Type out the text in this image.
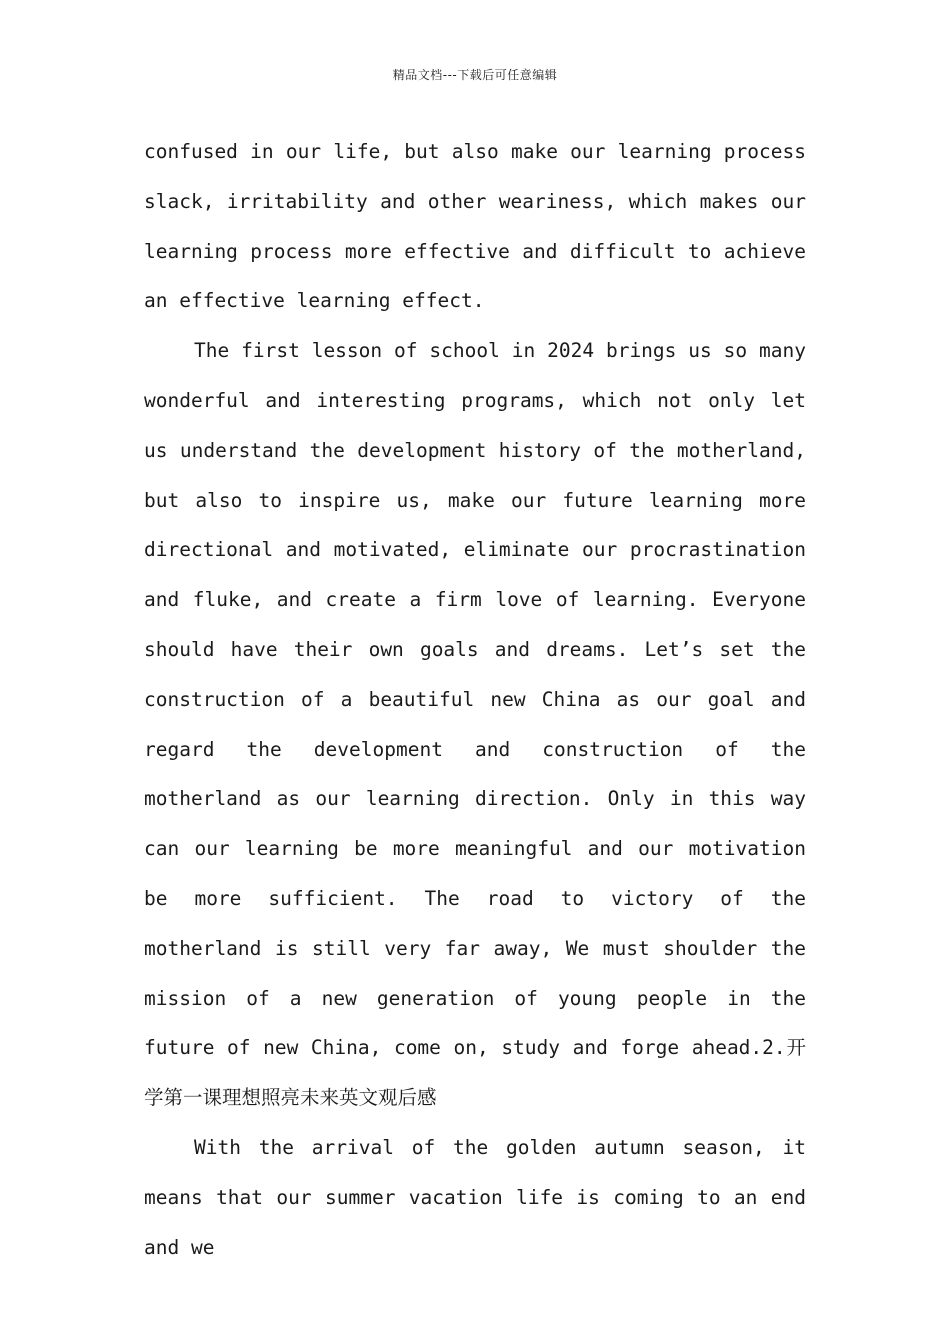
精品文档---下载后可任意编辑

confused in our life, but also make our learning process slack, irritability and other weariness, which makes our learning process more effective and difficult to achieve an effective learning effect.

The first lesson of school in 2024 brings us so many wonderful and interesting programs, which not only let us understand the development history of the motherland, but also to inspire us, make our future learning more directional and motivated, eliminate our procrastination and fluke, and create a firm love of learning. Everyone should have their own goals and dreams. Let’s set the construction of a beautiful new China as our goal and regard the development and construction of the motherland as our learning direction. Only in this way can our learning be more meaningful and our motivation be more sufficient. The road to victory of the motherland is still very far away, We must shoulder the mission of a new generation of young people in the future of new China, come on, study and forge ahead.2.开学第一课理想照亮未来英文观后感

With the arrival of the golden autumn season, it means that our summer vacation life is coming to an end and we
